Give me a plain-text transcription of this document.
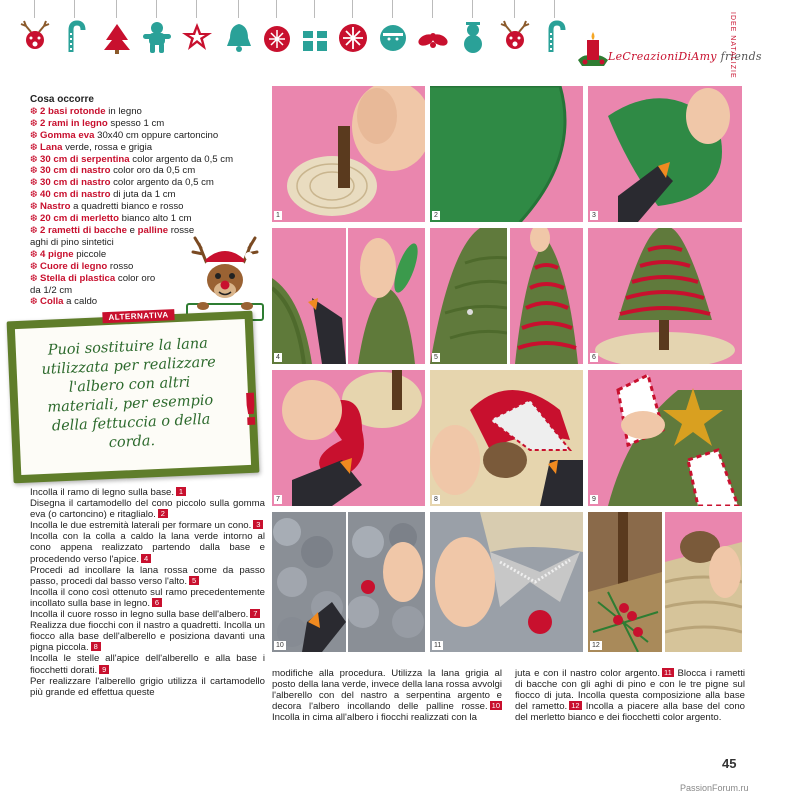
LeCreazioniDiAmy friends
IDEE NATALIZIE
Cosa occorre
❆ 2 basi rotonde in legno
❆ 2 rami in legno spesso 1 cm
❆ Gomma eva 30x40 cm oppure cartoncino
❆ Lana verde, rossa e grigia
❆ 30 cm di serpentina color argento da 0,5 cm
❆ 30 cm di nastro color oro da 0,5 cm
❆ 30 cm di nastro color argento da 0,5 cm
❆ 40 cm di nastro di juta da 1 cm
❆ Nastro a quadretti bianco e rosso
❆ 20 cm di merletto bianco alto 1 cm
❆ 2 rametti di bacche e palline rosse
aghi di pino sintetici
❆ 4 pigne piccole
❆ Cuore di legno rosso
❆ Stella di plastica color oro
da 1/2 cm
❆ Colla a caldo
Puoi sostituire la lana utilizzata per realizzare l'albero con altri materiali, per esempio della fettuccia o della corda.
!
ALTERNATIVA
Incolla il ramo di legno sulla base. 1
Disegna il cartamodello del cono piccolo sulla gomma eva (o cartoncino) e ritaglialo. 2
Incolla le due estremità laterali per formare un cono. 3
Incolla con la colla a caldo la lana verde intorno al cono appena realizzato partendo dalla base e procedendo verso l'apice. 4
Procedi ad incollare la lana rossa come da passo passo, procedi dal basso verso l'alto. 5
Incolla il cono così ottenuto sul ramo precedentemente incollato sulla base in legno. 6
Incolla il cuore rosso in legno sulla base dell'albero. 7
Realizza due fiocchi con il nastro a quadretti. Incolla un fiocco alla base dell'alberello e posiziona davanti una pigna piccola. 8
Incolla le stelle all'apice dell'alberello e alla base i fiocchetti dorati. 9
Per realizzare l'alberello grigio utilizza il cartamodello più grande ed effettua queste

modifiche alla procedura. Utilizza la lana grigia al posto della lana verde, invece della lana rossa avvolgi l'alberello con del nastro a serpentina argento e decora l'albero incollando delle palline rosse. 10 Incolla in cima all'albero i fiocchi realizzati con la
juta e con il nastro color argento. 11 Blocca i rametti di bacche con gli aghi di pino e con le tre pigne sul fiocco di juta. Incolla questa composizione alla base del rametto. 12 Incolla a piacere alla base del cono del merletto bianco e dei fiocchetti color argento.
1	2	3
4	5	6
7	8	9
10	11	12
45
PassionForum.ru
